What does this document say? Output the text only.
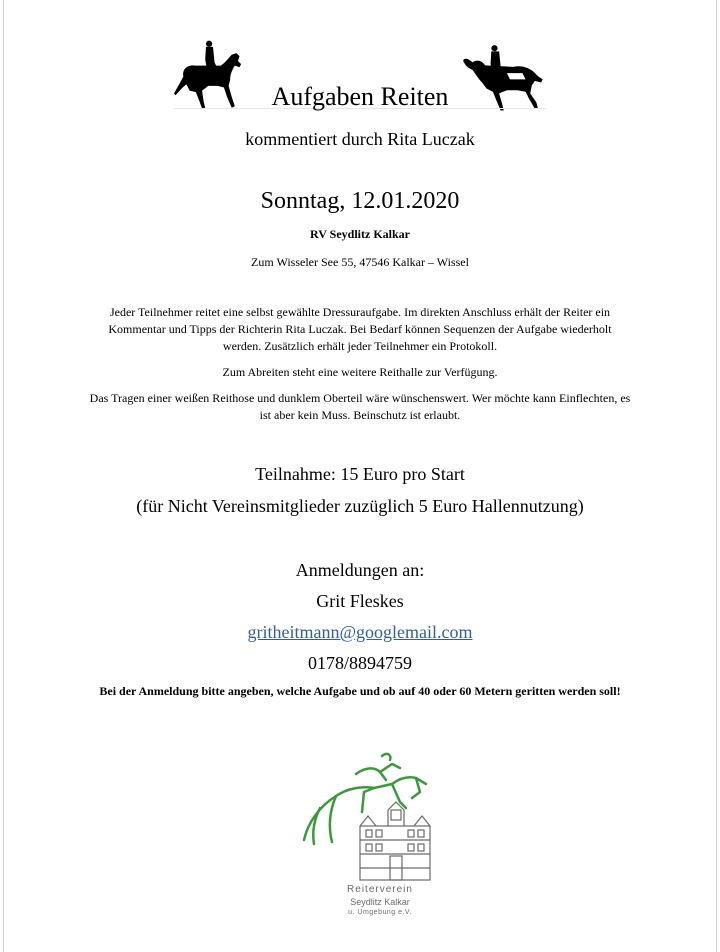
Aufgaben Reiten
kommentiert durch Rita Luczak
Sonntag, 12.01.2020
RV Seydlitz Kalkar
Zum Wisseler See 55, 47546 Kalkar – Wissel
Jeder Teilnehmer reitet eine selbst gewählte Dressuraufgabe. Im direkten Anschluss erhält der Reiter ein Kommentar und Tipps der Richterin Rita Luczak. Bei Bedarf können Sequenzen der Aufgabe wiederholt werden. Zusätzlich erhält jeder Teilnehmer ein Protokoll.
Zum Abreiten steht eine weitere Reithalle zur Verfügung.
Das Tragen einer weißen Reithose und dunklem Oberteil wäre wünschenswert. Wer möchte kann Einflechten, es ist aber kein Muss. Beinschutz ist erlaubt.
Teilnahme: 15 Euro pro Start
(für Nicht Vereinsmitglieder zuzüglich 5 Euro Hallennutzung)
Anmeldungen an:
Grit Fleskes
gritheitmann@googlemail.com
0178/8894759
Bei der Anmeldung bitte angeben, welche Aufgabe und ob auf 40 oder 60 Metern geritten werden soll!
Reiterverein
Seydlitz Kalkar
u. Umgebung e.V.
